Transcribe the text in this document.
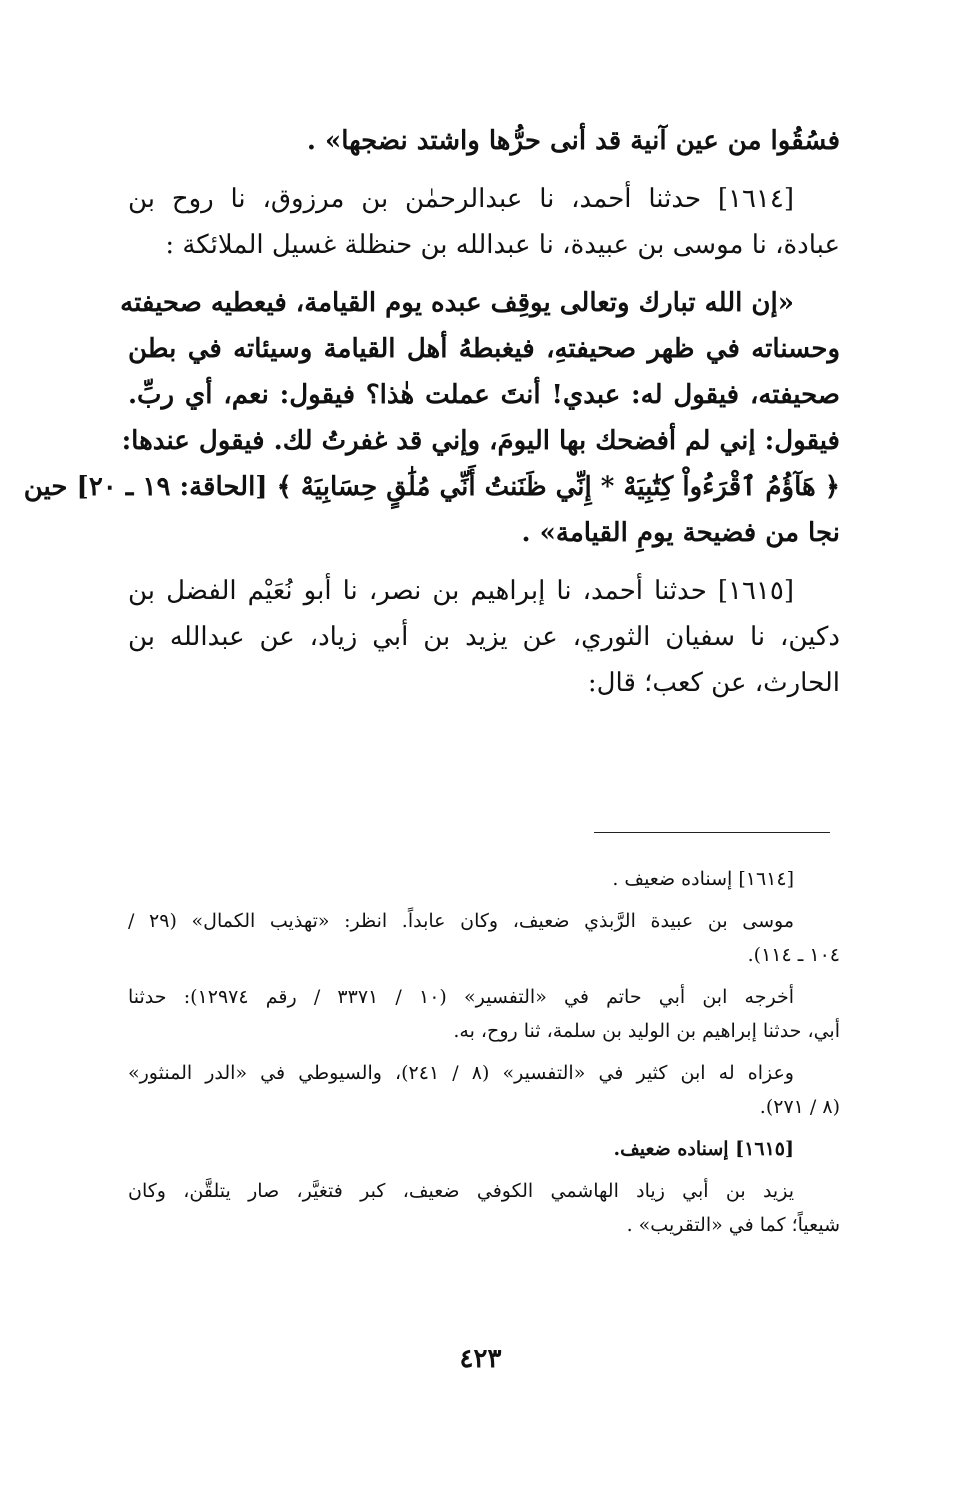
فسُقُوا من عين آنية قد أنى حرُّها واشتد نضجها» .
[١٦١٤] حدثنا أحمد، نا عبدالرحمٰن بن مرزوق، نا روح بن
عبادة، نا موسى بن عبيدة، نا عبدالله بن حنظلة غسيل الملائكة :
«إن الله تبارك وتعالى يوقِف عبده يوم القيامة، فيعطيه صحيفته
وحسناته في ظهر صحيفتهِ، فيغبطهُ أهل القيامة وسيئاته في بطن
صحيفته، فيقول له: عبدي! أنتَ عملت هٰذا؟ فيقول: نعم، أي ربِّ.
فيقول: إني لم أفضحك بها اليومَ، وإني قد غفرتُ لك. فيقول عندها:
﴿ هَآؤُمُ ٱقْرَءُواْ كِتَٰبِيَهْ * إِنِّي ظَنَنتُ أَنِّي مُلَٰقٍ حِسَابِيَهْ ﴾ [الحاقة: ١٩ ـ ٢٠] حين
نجا من فضيحة يومِ القيامة» .
[١٦١٥] حدثنا أحمد، نا إبراهيم بن نصر، نا أبو نُعَيْم الفضل بن
دكين، نا سفيان الثوري، عن يزيد بن أبي زياد، عن عبدالله بن
الحارث، عن كعب؛ قال:
[١٦١٤] إسناده ضعيف .
موسى بن عبيدة الرَّبذي ضعيف، وكان عابداً. انظر: «تهذيب الكمال» (٢٩ /
١٠٤ ـ ١١٤).
أخرجه ابن أبي حاتم في «التفسير» (١٠ / ٣٣٧١ / رقم ١٢٩٧٤): حدثنا
أبي، حدثنا إبراهيم بن الوليد بن سلمة، ثنا روح، به.
وعزاه له ابن كثير في «التفسير» (٨ / ٢٤١)، والسيوطي في «الدر المنثور»
(٨ / ٢٧١).
[١٦١٥] إسناده ضعيف.
يزيد بن أبي زياد الهاشمي الكوفي ضعيف، كبر فتغيَّر، صار يتلقَّن، وكان
شيعياً؛ كما في «التقريب» .
٤٢٣
